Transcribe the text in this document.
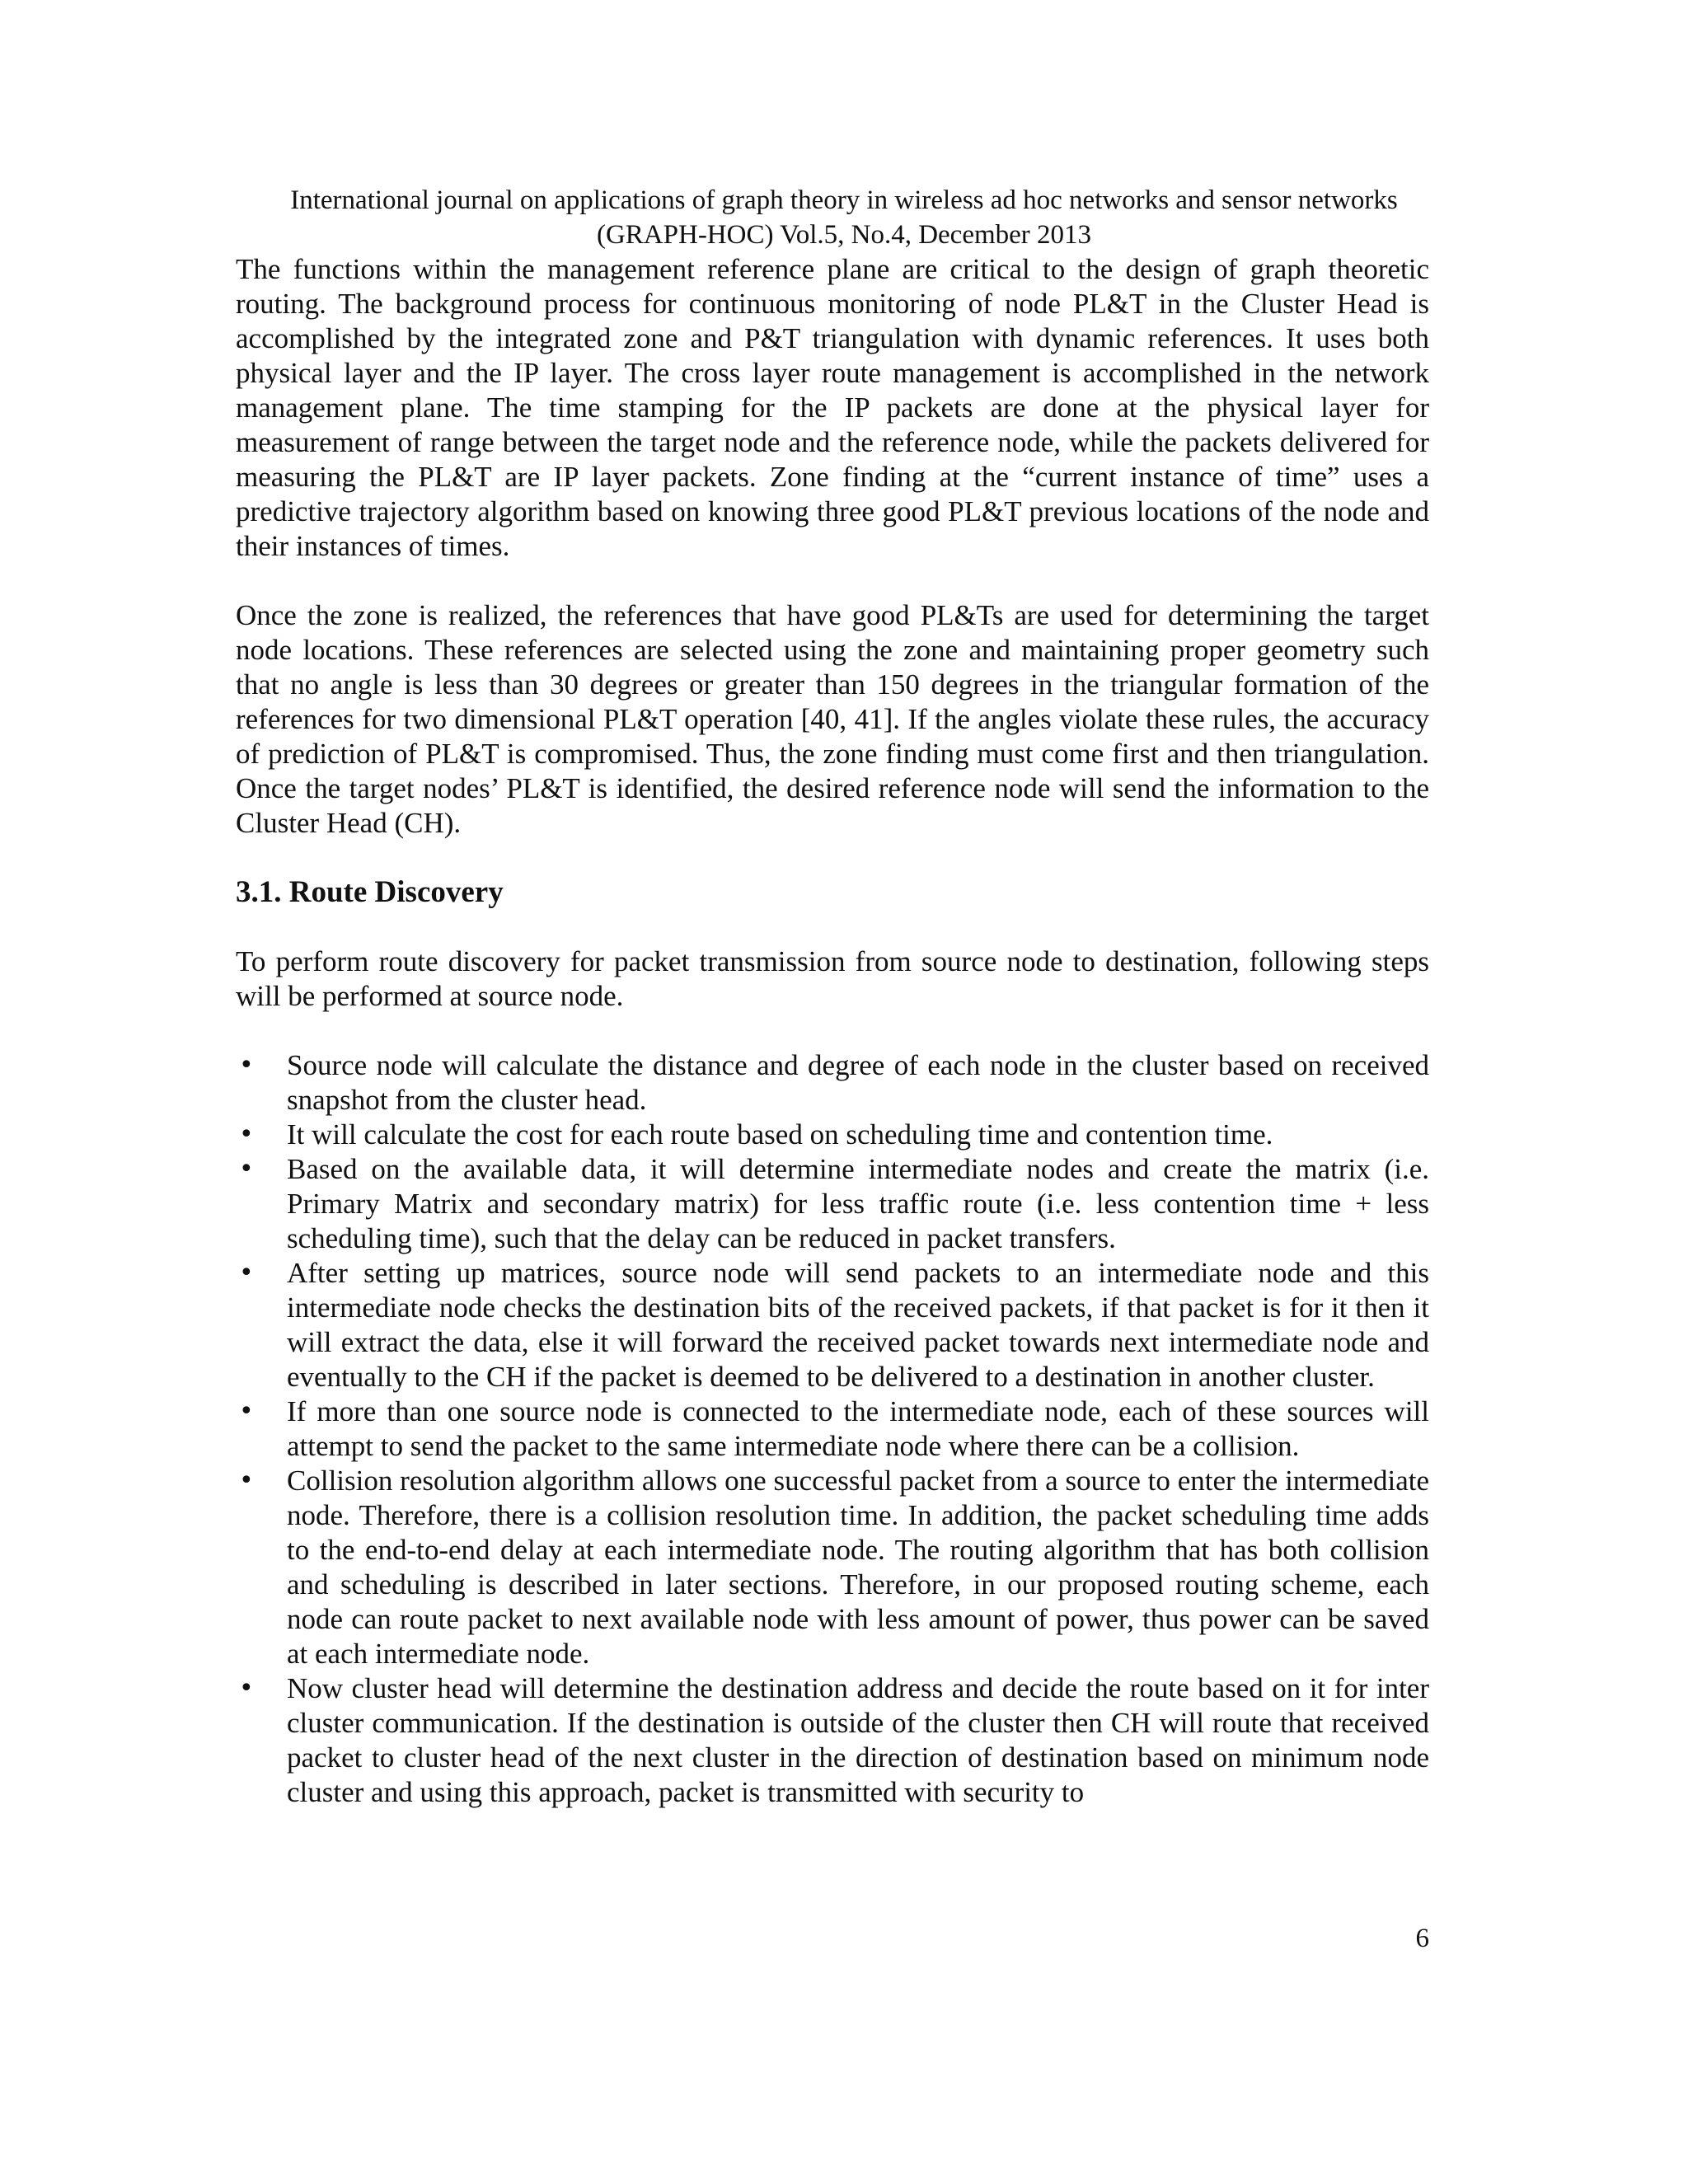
International journal on applications of graph theory in wireless ad hoc networks and sensor networks
(GRAPH-HOC) Vol.5, No.4, December 2013

The functions within the management reference plane are critical to the design of graph theoretic routing. The background process for continuous monitoring of node PL&T in the Cluster Head is accomplished by the integrated zone and P&T triangulation with dynamic references. It uses both physical layer and the IP layer. The cross layer route management is accomplished in the network management plane. The time stamping for the IP packets are done at the physical layer for measurement of range between the target node and the reference node, while the packets delivered for measuring the PL&T are IP layer packets. Zone finding at the “current instance of time” uses a predictive trajectory algorithm based on knowing three good PL&T previous locations of the node and their instances of times.

Once the zone is realized, the references that have good PL&Ts are used for determining the target node locations. These references are selected using the zone and maintaining proper geometry such that no angle is less than 30 degrees or greater than 150 degrees in the triangular formation of the references for two dimensional PL&T operation [40, 41]. If the angles violate these rules, the accuracy of prediction of PL&T is compromised. Thus, the zone finding must come first and then triangulation. Once the target nodes’ PL&T is identified, the desired reference node will send the information to the Cluster Head (CH).

3.1. Route Discovery

To perform route discovery for packet transmission from source node to destination, following steps will be performed at source node.

• Source node will calculate the distance and degree of each node in the cluster based on received snapshot from the cluster head.
• It will calculate the cost for each route based on scheduling time and contention time.
• Based on the available data, it will determine intermediate nodes and create the matrix (i.e. Primary Matrix and secondary matrix) for less traffic route (i.e. less contention time + less scheduling time), such that the delay can be reduced in packet transfers.
• After setting up matrices, source node will send packets to an intermediate node and this intermediate node checks the destination bits of the received packets, if that packet is for it then it will extract the data, else it will forward the received packet towards next intermediate node and eventually to the CH if the packet is deemed to be delivered to a destination in another cluster.
• If more than one source node is connected to the intermediate node, each of these sources will attempt to send the packet to the same intermediate node where there can be a collision.
• Collision resolution algorithm allows one successful packet from a source to enter the intermediate node. Therefore, there is a collision resolution time. In addition, the packet scheduling time adds to the end-to-end delay at each intermediate node. The routing algorithm that has both collision and scheduling is described in later sections. Therefore, in our proposed routing scheme, each node can route packet to next available node with less amount of power, thus power can be saved at each intermediate node.
• Now cluster head will determine the destination address and decide the route based on it for inter cluster communication. If the destination is outside of the cluster then CH will route that received packet to cluster head of the next cluster in the direction of destination based on minimum node cluster and using this approach, packet is transmitted with security to
6
